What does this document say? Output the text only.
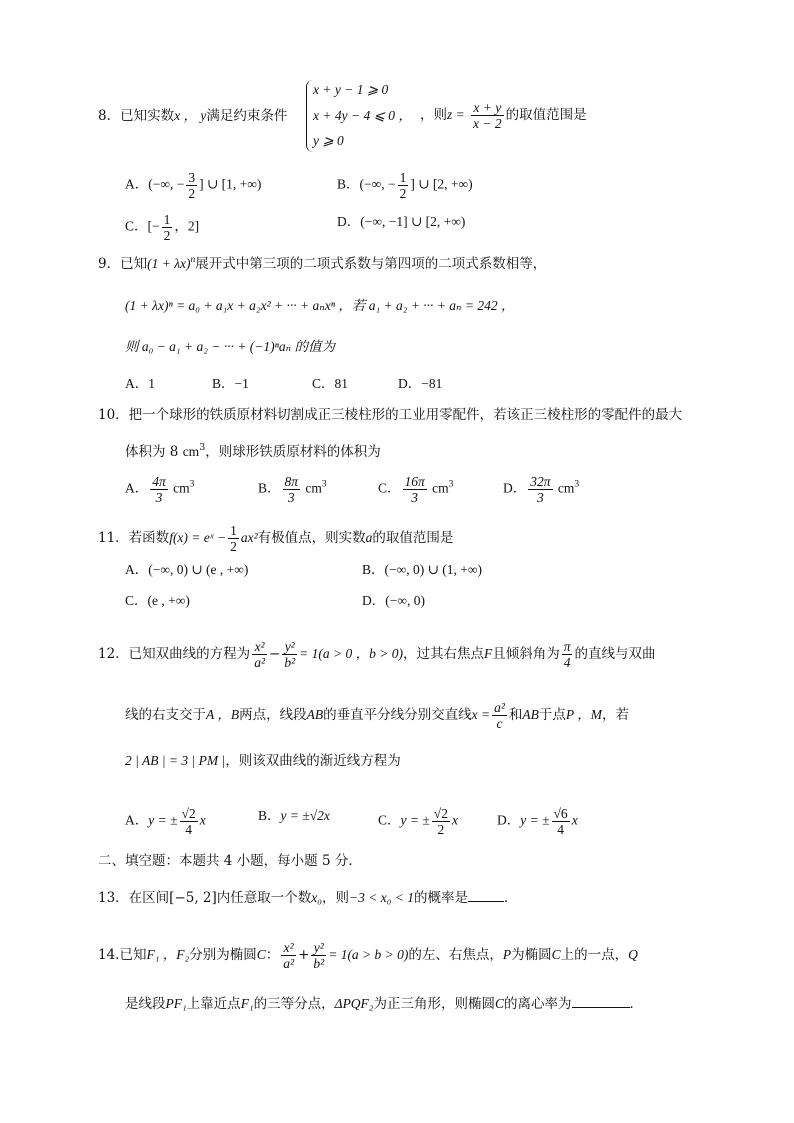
8．已知实数x ， y满足约束条件
x + y − 1 ⩾ 0
x + 4y − 4 ⩽ 0 ，
y ⩾ 0
，则$z = \frac{x + y}{x - 2}$ 的取值范围是
A．(−∞, − $\frac{3}{2}$ ] ∪ [1, +∞)	B．(−∞, − $\frac{1}{2}$ ] ∪ [2, +∞)
C．[− $\frac{1}{2}$ ，2]	D．(−∞, −1] ∪ [2, +∞)
9．已知$(1 + \lambda x)^n$展开式中第三项的二项式系数与第四项的二项式系数相等，
(1 + λx)ⁿ = a₀ + a₁x + a₂x² + ··· + aₙxⁿ ，若 a₁ + a₂ + ··· + aₙ = 242 ，
则 a₀ − a₁ + a₂ − ··· + (−1)ⁿaₙ 的值为
A．1	B．−1	C．81	D．−81
10．把一个球形的铁质原材料切割成正三棱柱形的工业用零配件，若该正三棱柱形的零配件的最大
体积为 8 $cm^3$，则球形铁质原材料的体积为
A． $\frac{4\pi}{3} cm^3$	B． $\frac{8\pi}{3} cm^3$	C． $\frac{16\pi}{3} cm^3$	D． $\frac{32\pi}{3} cm^3$
11．若函数f(x) = eˣ − $\frac{1}{2} ax^2$有极值点，则实数a的取值范围是
A．(−∞, 0) ∪ (e , +∞)	B．(−∞, 0) ∪ (1, +∞)
C．(e , +∞)	D．(−∞, 0)
12．已知双曲线的方程为 $\frac{\text{x²}}{\text{a²}} - \frac{\text{y²}}{\text{b²}} = 1(a > 0$ ，b > 0)，过其右焦点F且倾斜角为 $\frac{\pi}{4}$ 的直线与双曲
线的右支交于A ，B两点，线段AB的垂直平分线分别交直线$x = \frac{\text{a²}}{c}$ 和AB于点P ，M，若
2 | AB | = 3 | PM |，则该双曲线的渐近线方程为
A．y = ± $\frac{√2}{4}$ x	B．y = ±√2x	C．y = ± $\frac{√2}{2}$ x	D．y = ± $\frac{√6}{4}$ x
二、填空题：本题共 4 小题，每小题 5 分．
13．在区间[−5, 2]内任意取一个数x₀，则−3 < x₀ < 1的概率是	．
14.已知F₁ ，F₂分别为椭圆C： $\frac{\text{x²}}{\text{a²}} + \frac{\text{y²}}{\text{b²}} = 1(a > b > 0)$的左、右焦点，P为椭圆C上的一点，Q
是线段PF₁上靠近点F₁的三等分点，ΔPQF₂为正三角形，则椭圆C的离心率为	．
